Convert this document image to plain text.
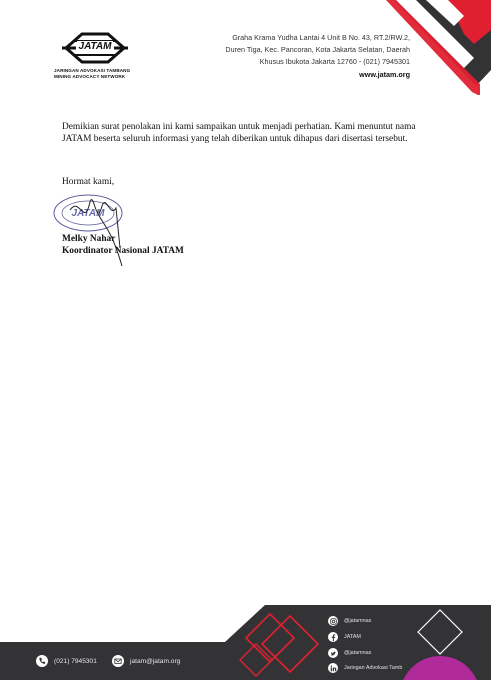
JATAM
JARINGAN ADVOKASI TAMBANG
MINING ADVOCACY NETWORK
Graha Krama Yudha Lantai 4 Unit B No. 43, RT.2/RW.2,
Duren Tiga, Kec. Pancoran, Kota Jakarta Selatan, Daerah
Khusus Ibukota Jakarta 12760 - (021) 7945301
www.jatam.org
Demikian surat penolakan ini kami sampaikan untuk menjadi perhatian. Kami menuntut nama JATAM beserta seluruh informasi yang telah diberikan untuk dihapus dari disertasi tersebut.
Hormat kami,
JATAM
Melky Nahar
Koordinator Nasional JATAM
(021) 7945301	jatam@jatam.org
@jatamnas
JATAM
@jatamnas
Jaringan Advokasi Tamb
